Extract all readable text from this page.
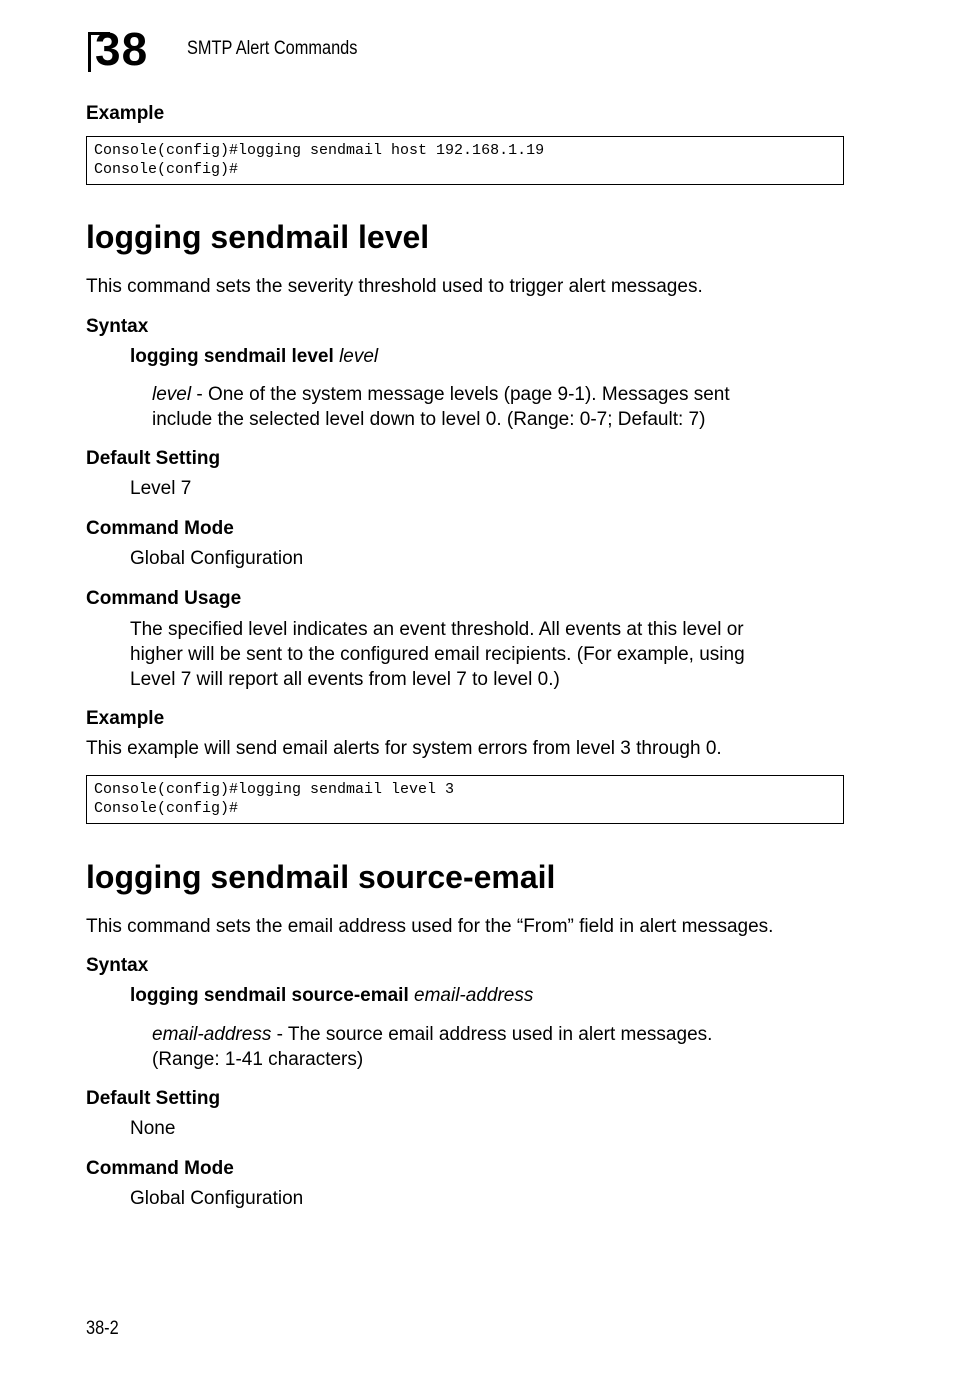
38 SMTP Alert Commands
Example
Console(config)#logging sendmail host 192.168.1.19
Console(config)#
logging sendmail level
This command sets the severity threshold used to trigger alert messages.
Syntax
logging sendmail level level
level - One of the system message levels (page 9-1). Messages sent
include the selected level down to level 0. (Range: 0-7; Default: 7)
Default Setting
Level 7
Command Mode
Global Configuration
Command Usage
The specified level indicates an event threshold. All events at this level or
higher will be sent to the configured email recipients. (For example, using
Level 7 will report all events from level 7 to level 0.)
Example
This example will send email alerts for system errors from level 3 through 0.
Console(config)#logging sendmail level 3
Console(config)#
logging sendmail source-email
This command sets the email address used for the “From” field in alert messages.
Syntax
logging sendmail source-email email-address
email-address - The source email address used in alert messages.
(Range: 1-41 characters)
Default Setting
None
Command Mode
Global Configuration
38-2
